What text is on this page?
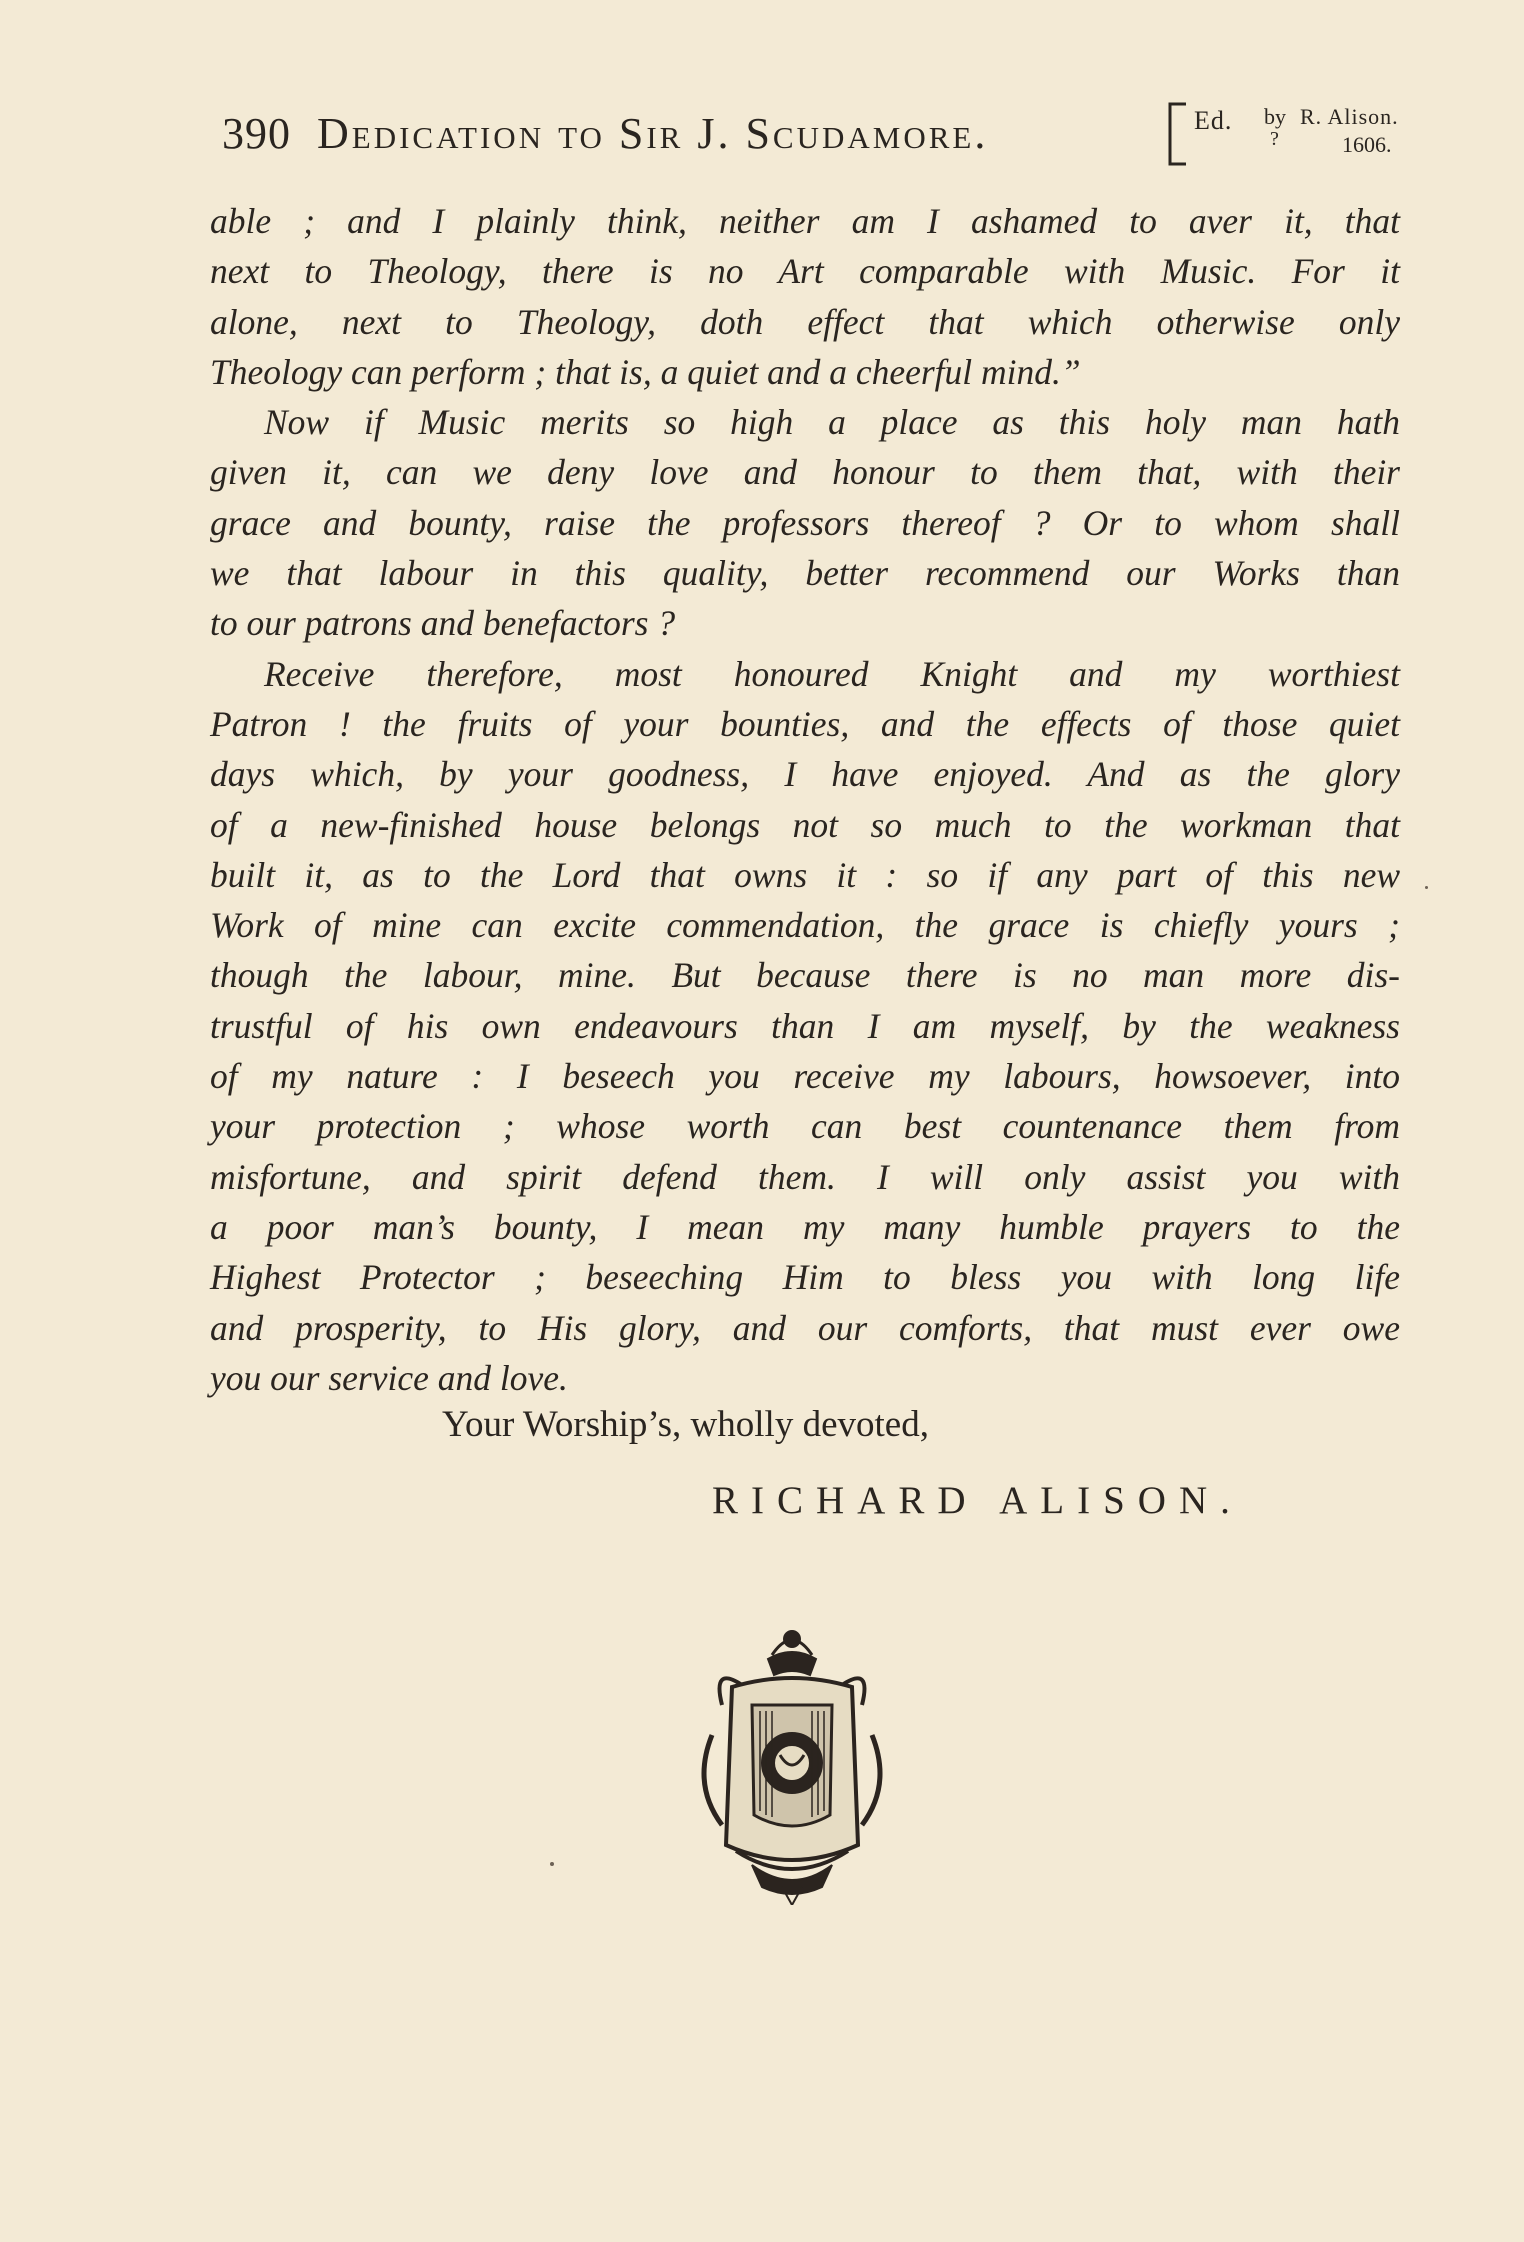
390 Dedication to Sir J. Scudamore.	Ed. by
?
R. Alison.
1606.
able ; and I plainly think, neither am I ashamed to aver it, that
next to Theology, there is no Art comparable with Music. For it
alone, next to Theology, doth effect that which otherwise only
Theology can perform ; that is, a quiet and a cheerful mind.”
Now if Music merits so high a place as this holy man hath
given it, can we deny love and honour to them that, with their
grace and bounty, raise the professors thereof ? Or to whom shall
we that labour in this quality, better recommend our Works than
to our patrons and benefactors ?
Receive therefore, most honoured Knight and my worthiest
Patron ! the fruits of your bounties, and the effects of those quiet
days which, by your goodness, I have enjoyed. And as the glory
of a new-finished house belongs not so much to the workman that
built it, as to the Lord that owns it : so if any part of this new
Work of mine can excite commendation, the grace is chiefly yours ;
though the labour, mine. But because there is no man more dis-
trustful of his own endeavours than I am myself, by the weakness
of my nature : I beseech you receive my labours, howsoever, into
your protection ; whose worth can best countenance them from
misfortune, and spirit defend them. I will only assist you with
a poor man’s bounty, I mean my many humble prayers to the
Highest Protector ; beseeching Him to bless you with long life
and prosperity, to His glory, and our comforts, that must ever owe
you our service and love.
Your Worship’s, wholly devoted,
RICHARD ALISON.
